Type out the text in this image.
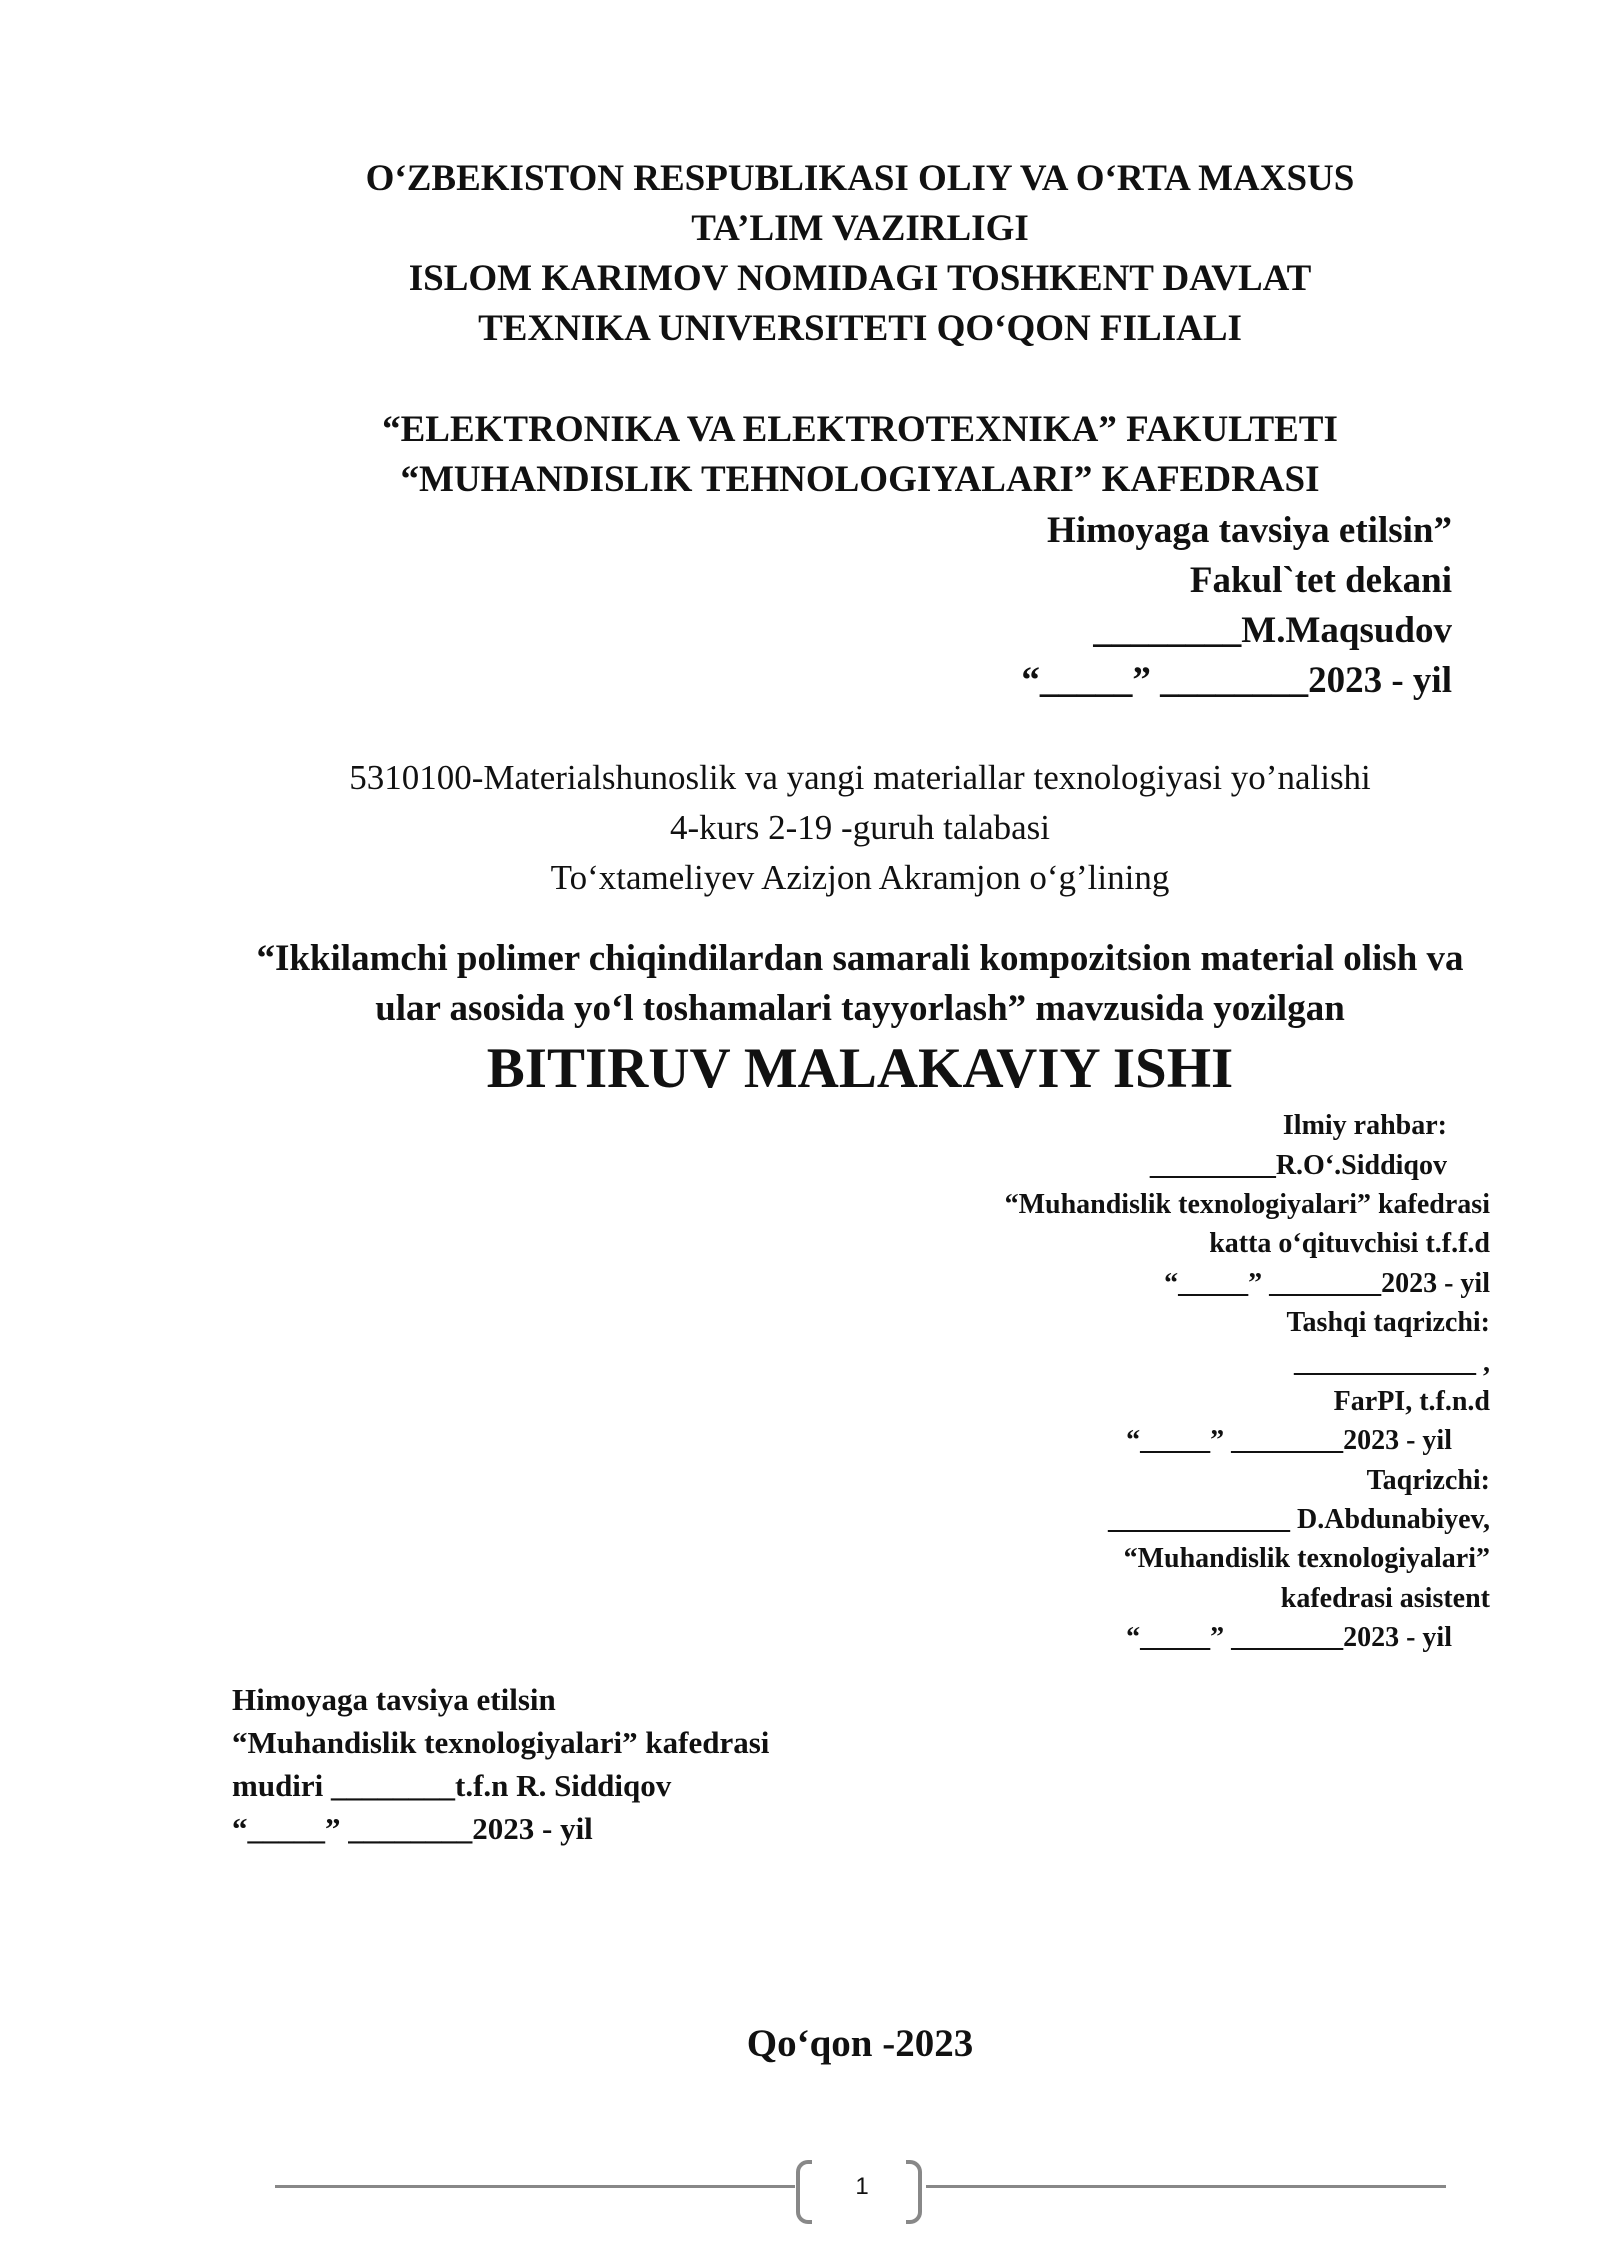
O‘ZBEKISTON RESPUBLIKASI OLIY VA O‘RTA MAXSUS
TA’LIM VAZIRLIGI
ISLOM KARIMOV NOMIDAGI TOSHKENT DAVLAT
TEXNIKA UNIVERSITETI QO‘QON FILIALI
“ELEKTRONIKA VA ELEKTROTEXNIKA” FAKULTETI
“MUHANDISLIK TEHNOLOGIYALARI” KAFEDRASI
Himoyaga tavsiya etilsin”
Fakul`tet dekani
________M.Maqsudov
“_____” ________2023 - yil
5310100-Materialshunoslik va yangi materiallar texnologiyasi yo’nalishi
4-kurs 2-19 -guruh talabasi
To‘xtameliyev Azizjon Akramjon o‘g’lining
“Ikkilamchi polimer chiqindilardan samarali kompozitsion material olish va
ular asosida yo‘l toshamalari tayyorlash” mavzusida yozilgan
BITIRUV MALAKAVIY ISHI
Ilmiy rahbar:
_________R.O‘.Siddiqov
“Muhandislik texnologiyalari” kafedrasi
katta o‘qituvchisi t.f.f.d
“_____” ________2023 - yil
Tashqi taqrizchi:
_____________ ,
FarPI, t.f.n.d
“_____” ________2023 - yil
Taqrizchi:
_____________ D.Abdunabiyev,
“Muhandislik texnologiyalari”
kafedrasi asistent
“_____” ________2023 - yil
Himoyaga tavsiya etilsin
“Muhandislik texnologiyalari” kafedrasi
mudiri ________t.f.n R. Siddiqov
“_____” ________2023 - yil
Qo‘qon -2023
1
